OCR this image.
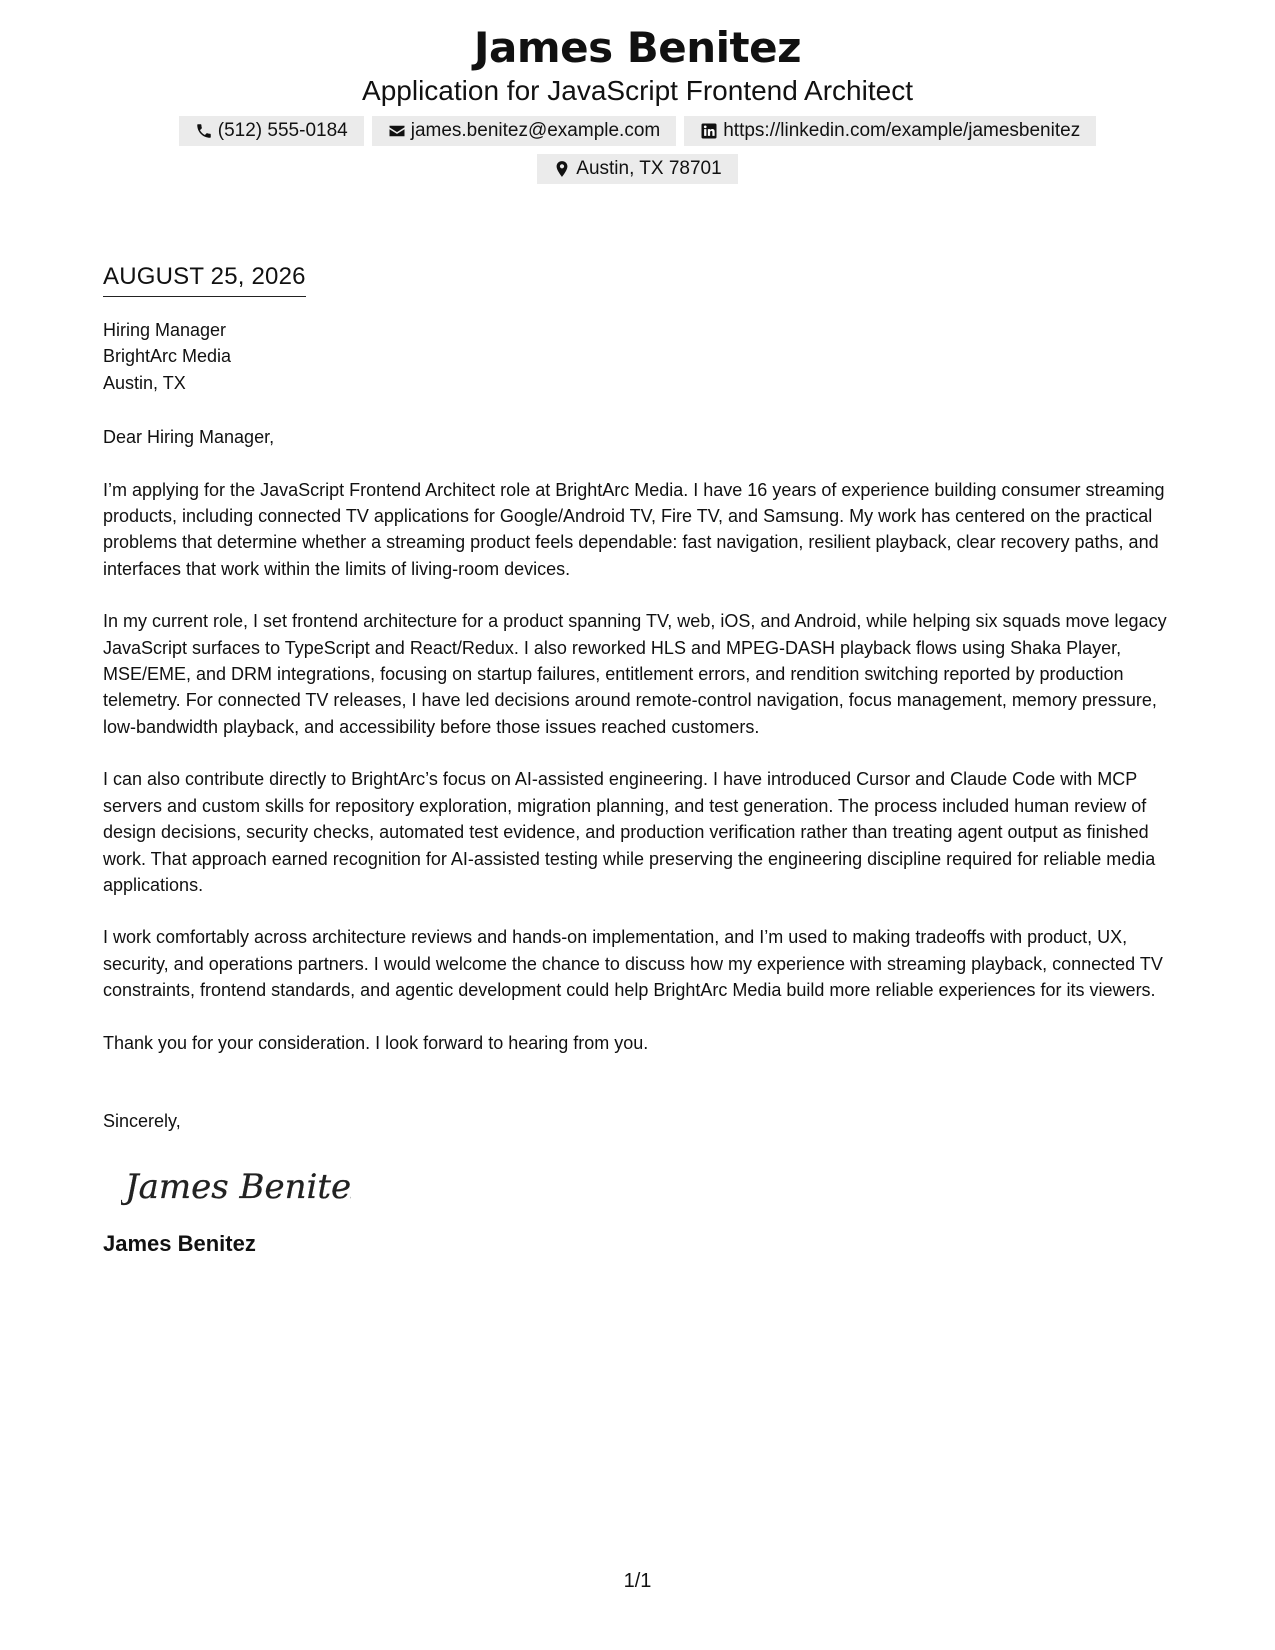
James Benitez
Application for JavaScript Frontend Architect
(512) 555-0184	james.benitez@example.com	https://linkedin.com/example/jamesbenitez
Austin, TX 78701
AUGUST 25, 2026
Hiring Manager
BrightArc Media
Austin, TX
Dear Hiring Manager,

I’m applying for the JavaScript Frontend Architect role at BrightArc Media. I have 16 years of experience building consumer streaming products, including connected TV applications for Google/Android TV, Fire TV, and Samsung. My work has centered on the practical problems that determine whether a streaming product feels dependable: fast navigation, resilient playback, clear recovery paths, and interfaces that work within the limits of living-room devices.

In my current role, I set frontend architecture for a product spanning TV, web, iOS, and Android, while helping six squads move legacy JavaScript surfaces to TypeScript and React/Redux. I also reworked HLS and MPEG-DASH playback flows using Shaka Player, MSE/EME, and DRM integrations, focusing on startup failures, entitlement errors, and rendition switching reported by production telemetry. For connected TV releases, I have led decisions around remote-control navigation, focus management, memory pressure, low-bandwidth playback, and accessibility before those issues reached customers.

I can also contribute directly to BrightArc’s focus on AI-assisted engineering. I have introduced Cursor and Claude Code with MCP servers and custom skills for repository exploration, migration planning, and test generation. The process included human review of design decisions, security checks, automated test evidence, and production verification rather than treating agent output as finished work. That approach earned recognition for AI-assisted testing while preserving the engineering discipline required for reliable media applications.

I work comfortably across architecture reviews and hands-on implementation, and I’m used to making tradeoffs with product, UX, security, and operations partners. I would welcome the chance to discuss how my experience with streaming playback, connected TV constraints, frontend standards, and agentic development could help BrightArc Media build more reliable experiences for its viewers.

Thank you for your consideration. I look forward to hearing from you.

Sincerely,
James Benitez
James Benitez
1/1
